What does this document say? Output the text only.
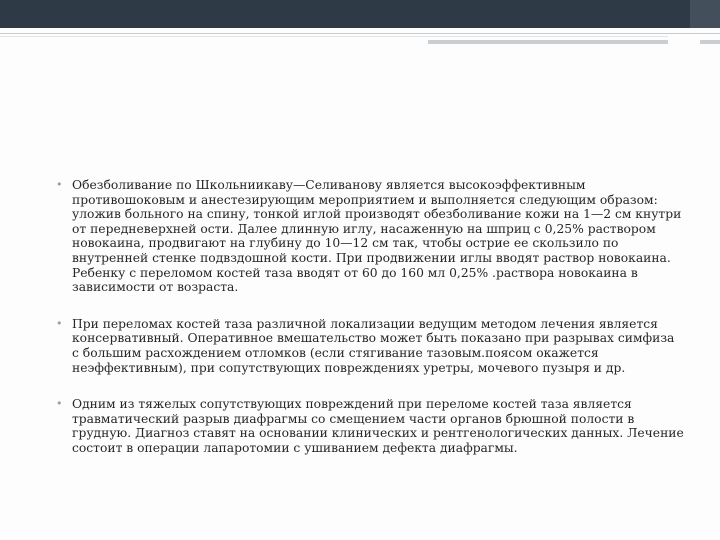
• Обезболивание по Школьниикаву—Селиванову является высокоэффективным противошоковым и анестезирующим мероприятием и выполняется следующим образом: уложив больного на спину, тонкой иглой производят обезболивание кожи на 1—2 см кнутри от передневерхней ости. Далее длинную иглу, насаженную на шприц с 0,25% раствором новокаина, продвигают на глубину до 10—12 см так, чтобы острие ее скользило по внутренней стенке подвздошной кости. При продвижении иглы вводят раствор новокаина. Ребенку с переломом костей таза вводят от 60 до 160 мл 0,25% .раствора новокаина в зависимости от возраста.
• При переломах костей таза различной локализации ведущим методом лечения является консервативный. Оперативное вмешательство может быть показано при разрывах симфиза с большим расхождением отломков (если стягивание тазовым.поясом окажется неэффективным), при сопутствующих повреждениях уретры, мочевого пузыря и др.
• Одним из тяжелых сопутствующих повреждений при переломе костей таза является травматический разрыв диафрагмы со смещением части органов брюшной полости в грудную. Диагноз ставят на основании клинических и рентгенологических данных. Лечение состоит в операции лапаротомии с ушиванием дефекта диафрагмы.
